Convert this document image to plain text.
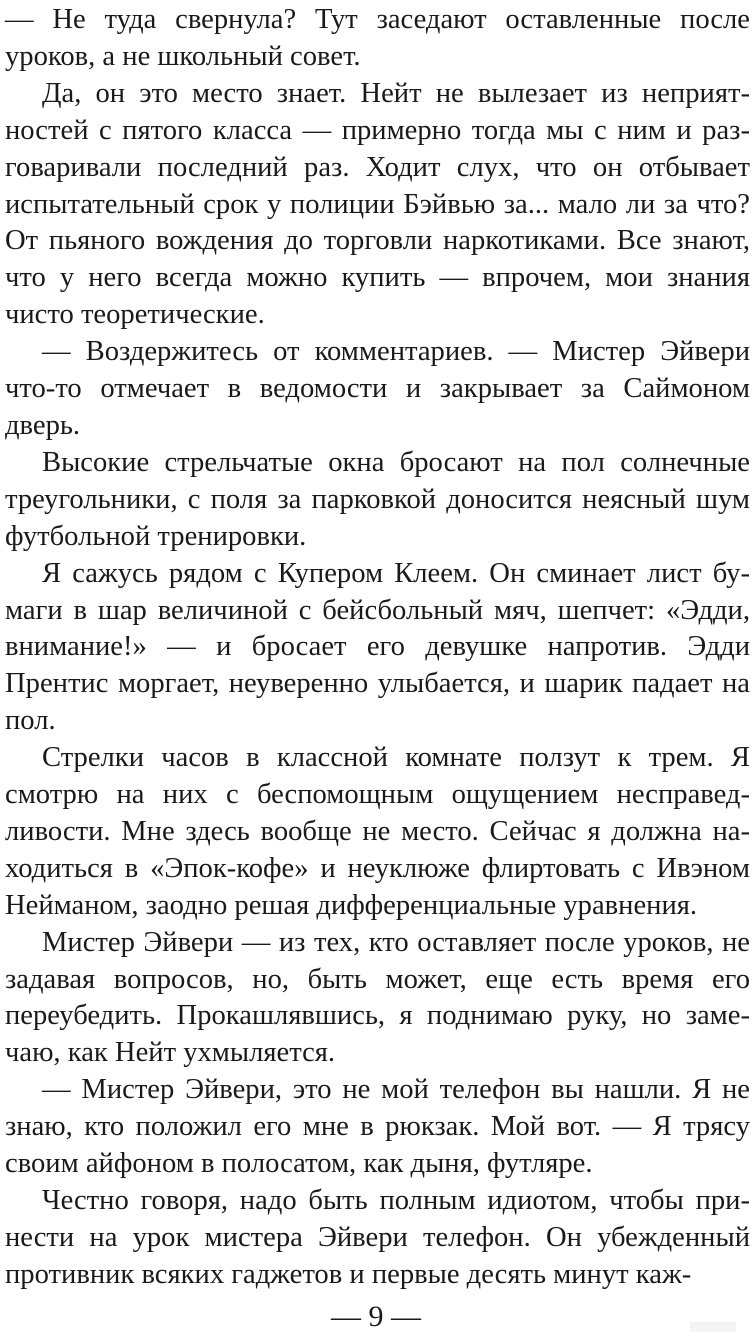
— Не туда свернула? Тут заседают оставленные после уроков, а не школьный совет.

Да, он это место знает. Нейт не вылезает из неприятностей с пятого класса — примерно тогда мы с ним и разговаривали последний раз. Ходит слух, что он отбывает испытательный срок у полиции Бэйвью за... мало ли за что? От пьяного вождения до торговли наркотиками. Все знают, что у него всегда можно купить — впрочем, мои знания чисто теоретические.

— Воздержитесь от комментариев. — Мистер Эйвери что-то отмечает в ведомости и закрывает за Саймоном дверь.

Высокие стрельчатые окна бросают на пол солнечные треугольники, с поля за парковкой доносится неясный шум футбольной тренировки.

Я сажусь рядом с Купером Клеем. Он сминает лист бумаги в шар величиной с бейсбольный мяч, шепчет: «Эдди, внимание!» — и бросает его девушке напротив. Эдди Прентис моргает, неуверенно улыбается, и шарик падает на пол.

Стрелки часов в классной комнате ползут к трем. Я смотрю на них с беспомощным ощущением несправедливости. Мне здесь вообще не место. Сейчас я должна находиться в «Эпок-кофе» и неуклюже флиртовать с Ивэном Нейманом, заодно решая дифференциальные уравнения.

Мистер Эйвери — из тех, кто оставляет после уроков, не задавая вопросов, но, быть может, еще есть время его переубедить. Прокашлявшись, я поднимаю руку, но замечаю, как Нейт ухмыляется.

— Мистер Эйвери, это не мой телефон вы нашли. Я не знаю, кто положил его мне в рюкзак. Мой вот. — Я трясу своим айфоном в полосатом, как дыня, футляре.

Честно говоря, надо быть полным идиотом, чтобы принести на урок мистера Эйвери телефон. Он убежденный противник всяких гаджетов и первые десять минут каж-

— 9 —
